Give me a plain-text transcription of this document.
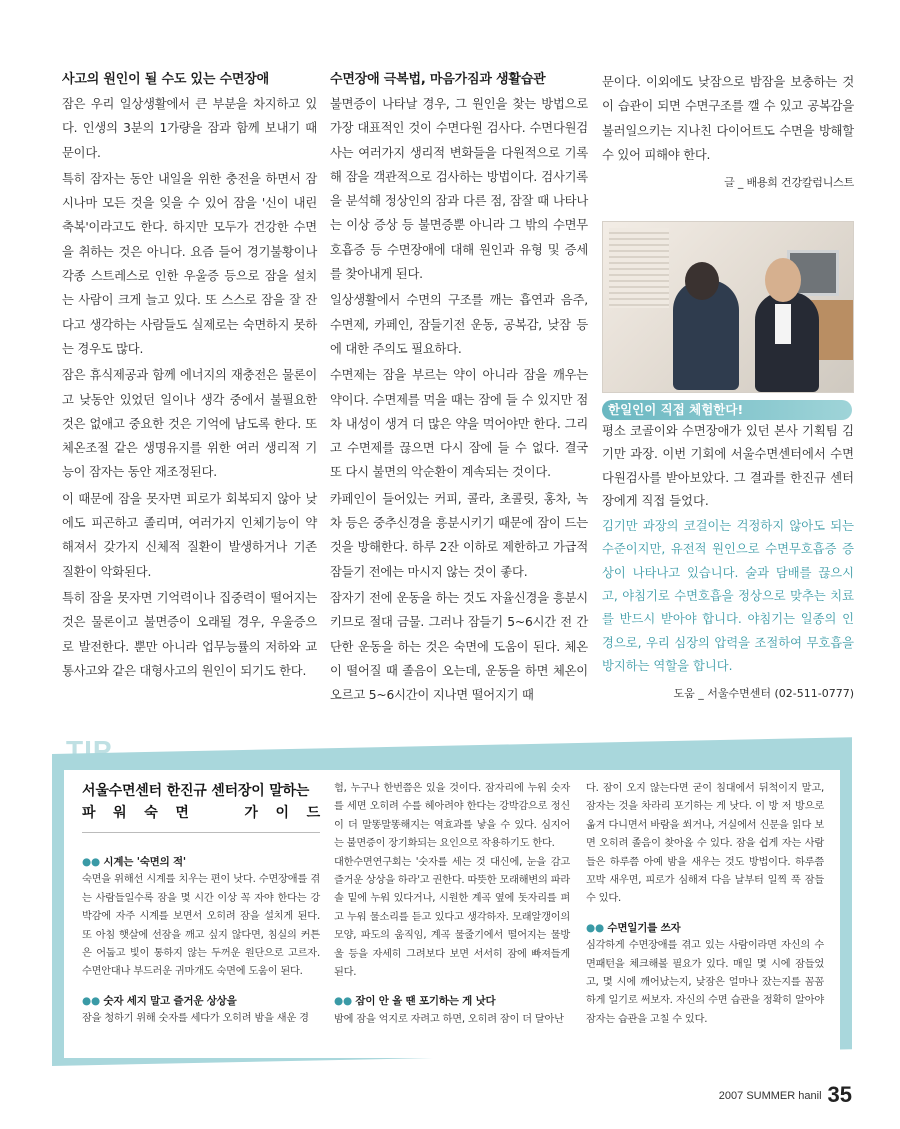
사고의 원인이 될 수도 있는 수면장애

잠은 우리 일상생활에서 큰 부분을 차지하고 있다. 인생의 3분의 1가량을 잠과 함께 보내기 때문이다.

특히 잠자는 동안 내일을 위한 충전을 하면서 잠시나마 모든 것을 잊을 수 있어 잠을 '신이 내린 축복'이라고도 한다. 하지만 모두가 건강한 수면을 취하는 것은 아니다. 요즘 들어 경기불황이나 각종 스트레스로 인한 우울증 등으로 잠을 설치는 사람이 크게 늘고 있다. 또 스스로 잠을 잘 잔다고 생각하는 사람들도 실제로는 숙면하지 못하는 경우도 많다.

잠은 휴식제공과 함께 에너지의 재충전은 물론이고 낮동안 있었던 일이나 생각 중에서 불필요한 것은 없애고 중요한 것은 기억에 남도록 한다. 또 체온조절 같은 생명유지를 위한 여러 생리적 기능이 잠자는 동안 재조정된다.

이 때문에 잠을 못자면 피로가 회복되지 않아 낮에도 피곤하고 졸리며, 여러가지 인체기능이 약해져서 갖가지 신체적 질환이 발생하거나 기존 질환이 악화된다.

특히 잠을 못자면 기억력이나 집중력이 떨어지는 것은 물론이고 불면증이 오래될 경우, 우울증으로 발전한다. 뿐만 아니라 업무능률의 저하와 교통사고와 같은 대형사고의 원인이 되기도 한다.

수면장애 극복법, 마음가짐과 생활습관

불면증이 나타날 경우, 그 원인을 찾는 방법으로 가장 대표적인 것이 수면다원 검사다. 수면다원검사는 여러가지 생리적 변화들을 다원적으로 기록해 잠을 객관적으로 검사하는 방법이다. 검사기록을 분석해 정상인의 잠과 다른 점, 잠잘 때 나타나는 이상 증상 등 불면증뿐 아니라 그 밖의 수면무호흡증 등 수면장애에 대해 원인과 유형 및 증세를 찾아내게 된다.

일상생활에서 수면의 구조를 깨는 흡연과 음주, 수면제, 카페인, 잠들기전 운동, 공복감, 낮잠 등에 대한 주의도 필요하다.

수면제는 잠을 부르는 약이 아니라 잠을 깨우는 약이다. 수면제를 먹을 때는 잠에 들 수 있지만 점차 내성이 생겨 더 많은 약을 먹어야만 한다. 그리고 수면제를 끊으면 다시 잠에 들 수 없다. 결국 또 다시 불면의 악순환이 계속되는 것이다.

카페인이 들어있는 커피, 콜라, 초콜릿, 홍차, 녹차 등은 중추신경을 흥분시키기 때문에 잠이 드는 것을 방해한다. 하루 2잔 이하로 제한하고 가급적 잠들기 전에는 마시지 않는 것이 좋다.

잠자기 전에 운동을 하는 것도 자율신경을 흥분시키므로 절대 금물. 그러나 잠들기 5~6시간 전 간단한 운동을 하는 것은 숙면에 도움이 된다. 체온이 떨어질 때 졸음이 오는데, 운동을 하면 체온이 오르고 5~6시간이 지나면 떨어지기 때

문이다. 이외에도 낮잠으로 밤잠을 보충하는 것이 습관이 되면 수면구조를 깰 수 있고 공복감을 불러일으키는 지나친 다이어트도 수면을 방해할 수 있어 피해야 한다.

글 _ 배용희 건강칼럼니스트
한일인이 직접 체험한다!

평소 코골이와 수면장애가 있던 본사 기획팀 김기만 과장. 이번 기회에 서울수면센터에서 수면다원검사를 받아보았다. 그 결과를 한진규 센터장에게 직접 들었다.

김기만 과장의 코걸이는 걱정하지 않아도 되는 수준이지만, 유전적 원인으로 수면무호흡증 증상이 나타나고 있습니다. 술과 담배를 끊으시고, 야침기로 수면호흡을 정상으로 맞추는 치료를 반드시 받아야 합니다. 야침기는 일종의 인경으로, 우리 심장의 압력을 조절하여 무호흡을 방지하는 역할을 합니다.

도움 _ 서울수면센터 (02-511-0777)
TIP
서울수면센터 한진규 센터장이 말하는
파 워 숙 면	가 이 드
●● 시계는 '숙면의 적'

숙면을 위해선 시계를 치우는 편이 낫다. 수면장애를 겪는 사람들일수록 잠을 몇 시간 이상 꼭 자야 한다는 강박감에 자주 시계를 보면서 오히려 잠을 설치게 된다. 또 아침 햇살에 선잠을 깨고 싶지 않다면, 침실의 커튼은 어둡고 빛이 통하지 않는 두꺼운 원단으로 고르자. 수면안대나 부드러운 귀마개도 숙면에 도움이 된다.

●● 숫자 세지 말고 즐거운 상상을

잠을 청하기 위해 숫자를 세다가 오히려 밤을 새운 경

험, 누구나 한번쯤은 있을 것이다. 잠자리에 누워 숫자를 세면 오히려 수를 헤아려야 한다는 강박감으로 정신이 더 말똥말똥해지는 역효과를 낳을 수 있다. 심지어는 불면증이 장기화되는 요인으로 작용하기도 한다.

대한수면연구회는 '숫자를 세는 것 대신에, 눈을 감고 즐거운 상상을 하라'고 권한다. 따뜻한 모래해변의 파라솔 밑에 누워 있다거나, 시원한 계곡 옆에 돗자리를 펴고 누워 물소리를 듣고 있다고 생각하자. 모래알갱이의 모양, 파도의 움직임, 계곡 물줄기에서 떨어지는 물방울 등을 자세히 그려보다 보면 서서히 잠에 빠져들게 된다.

●● 잠이 안 올 땐 포기하는 게 낫다

밤에 잠을 억지로 자려고 하면, 오히려 잠이 더 달아난

다. 잠이 오지 않는다면 굳이 침대에서 뒤척이지 말고, 잠자는 것을 차라리 포기하는 게 낫다. 이 방 저 방으로 옮겨 다니면서 바람을 쐬거나, 거실에서 신문을 읽다 보면 오히려 졸음이 찾아올 수 있다. 잠을 쉽게 자는 사람들은 하루쯤 아예 밤을 새우는 것도 방법이다. 하루쯤 꼬박 새우면, 피로가 심해져 다음 날부터 일찍 푹 잠들 수 있다.

●● 수면일기를 쓰자

심각하게 수면장애를 겪고 있는 사람이라면 자신의 수면패턴을 체크해볼 필요가 있다. 매일 몇 시에 잠들었고, 몇 시에 깨어났는지, 낮잠은 얼마나 잤는지를 꼼꼼하게 일기로 써보자. 자신의 수면 습관을 정확히 알아야 잠자는 습관을 고칠 수 있다.

2007 SUMMER hanil 35
